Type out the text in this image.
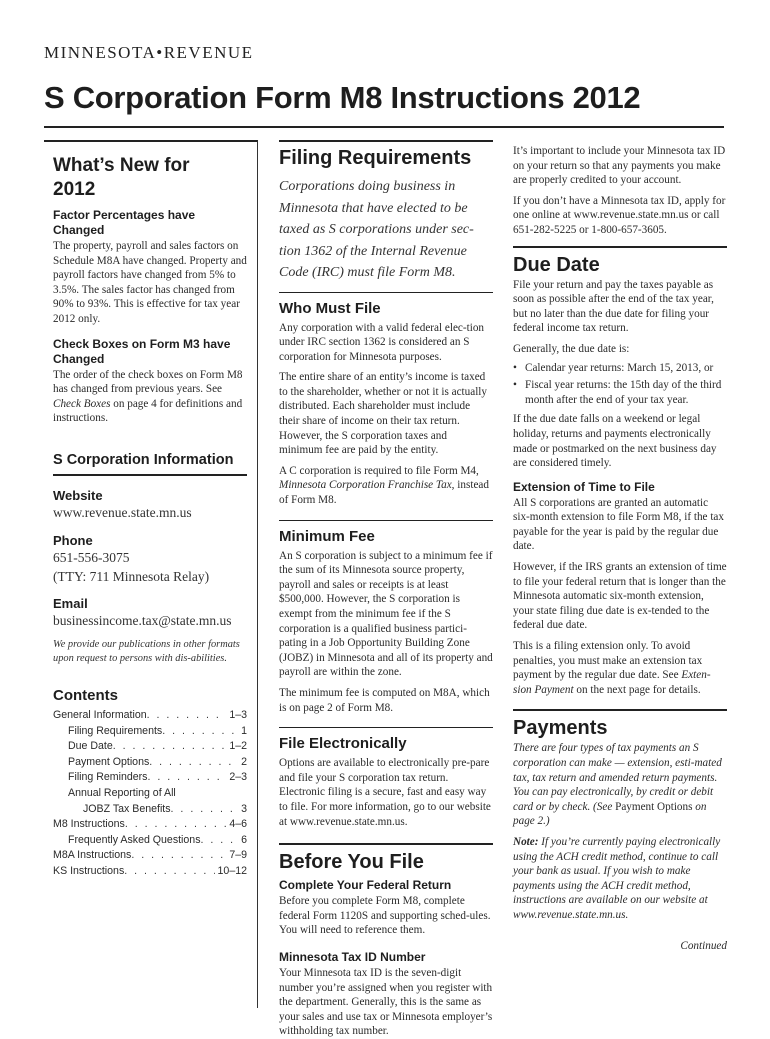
MINNESOTA•REVENUE
S Corporation Form M8 Instructions 2012
What’s New for 2012
Factor Percentages have Changed

The property, payroll and sales factors on Schedule M8A have changed. Property and payroll factors have changed from 5% to 3.5%. The sales factor has changed from 90% to 93%. This is effective for tax year 2012 only.

Check Boxes on Form M3 have Changed

The order of the check boxes on Form M8 has changed from previous years. See Check Boxes on page 4 for definitions and instructions.

S Corporation Information
Website

www.revenue.state.mn.us

Phone

651-556-3075

(TTY: 711 Minnesota Relay)

Email

businessincome.tax@state.mn.us

We provide our publications in other formats upon request to persons with dis-abilities.

Contents
General Information . . .	1–3
Filing Requirements . . .	1
Due Date . . .	1–2
Payment Options . . .	2
Filing Reminders . . .	2–3
Annual Reporting of All
JOBZ Tax Benefits . . .	3
M8 Instructions . . .	4–6
Frequently Asked Questions . . .	6
M8A Instructions . . .	7–9
KS Instructions . . .	10–12
Filing Requirements

Corporations doing business in Minnesota that have elected to be taxed as S corporations under sec-tion 1362 of the Internal Revenue Code (IRC) must file Form M8.

Who Must File

Any corporation with a valid federal elec-tion under IRC section 1362 is considered an S corporation for Minnesota purposes.

The entire share of an entity’s income is taxed to the shareholder, whether or not it is actually distributed. Each shareholder must include their share of income on their tax return. However, the S corporation taxes and minimum fee are paid by the entity.

A C corporation is required to file Form M4, Minnesota Corporation Franchise Tax, instead of Form M8.

Minimum Fee

An S corporation is subject to a minimum fee if the sum of its Minnesota source property, payroll and sales or receipts is at least $500,000. However, the S corporation is exempt from the minimum fee if the S corporation is a qualified business partici-pating in a Job Opportunity Building Zone (JOBZ) in Minnesota and all of its property and payroll are within the zone.

The minimum fee is computed on M8A, which is on page 2 of Form M8.

File Electronically

Options are available to electronically pre-pare and file your S corporation tax return. Electronic filing is a secure, fast and easy way to file. For more information, go to our website at www.revenue.state.mn.us.

Before You File
Complete Your Federal Return

Before you complete Form M8, complete federal Form 1120S and supporting sched-ules. You will need to reference them.

Minnesota Tax ID Number

Your Minnesota tax ID is the seven-digit number you’re assigned when you register with the department. Generally, this is the same as your sales and use tax or Minnesota employer’s withholding tax number.

It’s important to include your Minnesota tax ID on your return so that any payments you make are properly credited to your account.

If you don’t have a Minnesota tax ID, apply for one online at www.revenue.state.mn.us or call 651-282-5225 or 1-800-657-3605.

Due Date

File your return and pay the taxes payable as soon as possible after the end of the tax year, but no later than the due date for filing your federal income tax return.

Generally, the due date is:

• Calendar year returns: March 15, 2013, or
• Fiscal year returns: the 15th day of the third month after the end of your tax year.

If the due date falls on a weekend or legal holiday, returns and payments electronically made or postmarked on the next business day are considered timely.

Extension of Time to File

All S corporations are granted an automatic six-month extension to file Form M8, if the tax payable for the year is paid by the regular due date.

However, if the IRS grants an extension of time to file your federal return that is longer than the Minnesota automatic six-month extension, your state filing due date is ex-tended to the federal due date.

This is a filing extension only. To avoid penalties, you must make an extension tax payment by the regular due date. See Exten-sion Payment on the next page for details.

Payments

There are four types of tax payments an S corporation can make — extension, esti-mated tax, tax return and amended return payments. You can pay electronically, by credit or debit card or by check. (See Payment Options on page 2.)

Note: If you’re currently paying electronically using the ACH credit method, continue to call your bank as usual. If you wish to make payments using the ACH credit method, instructions are available on our website at www.revenue.state.mn.us.

Continued
